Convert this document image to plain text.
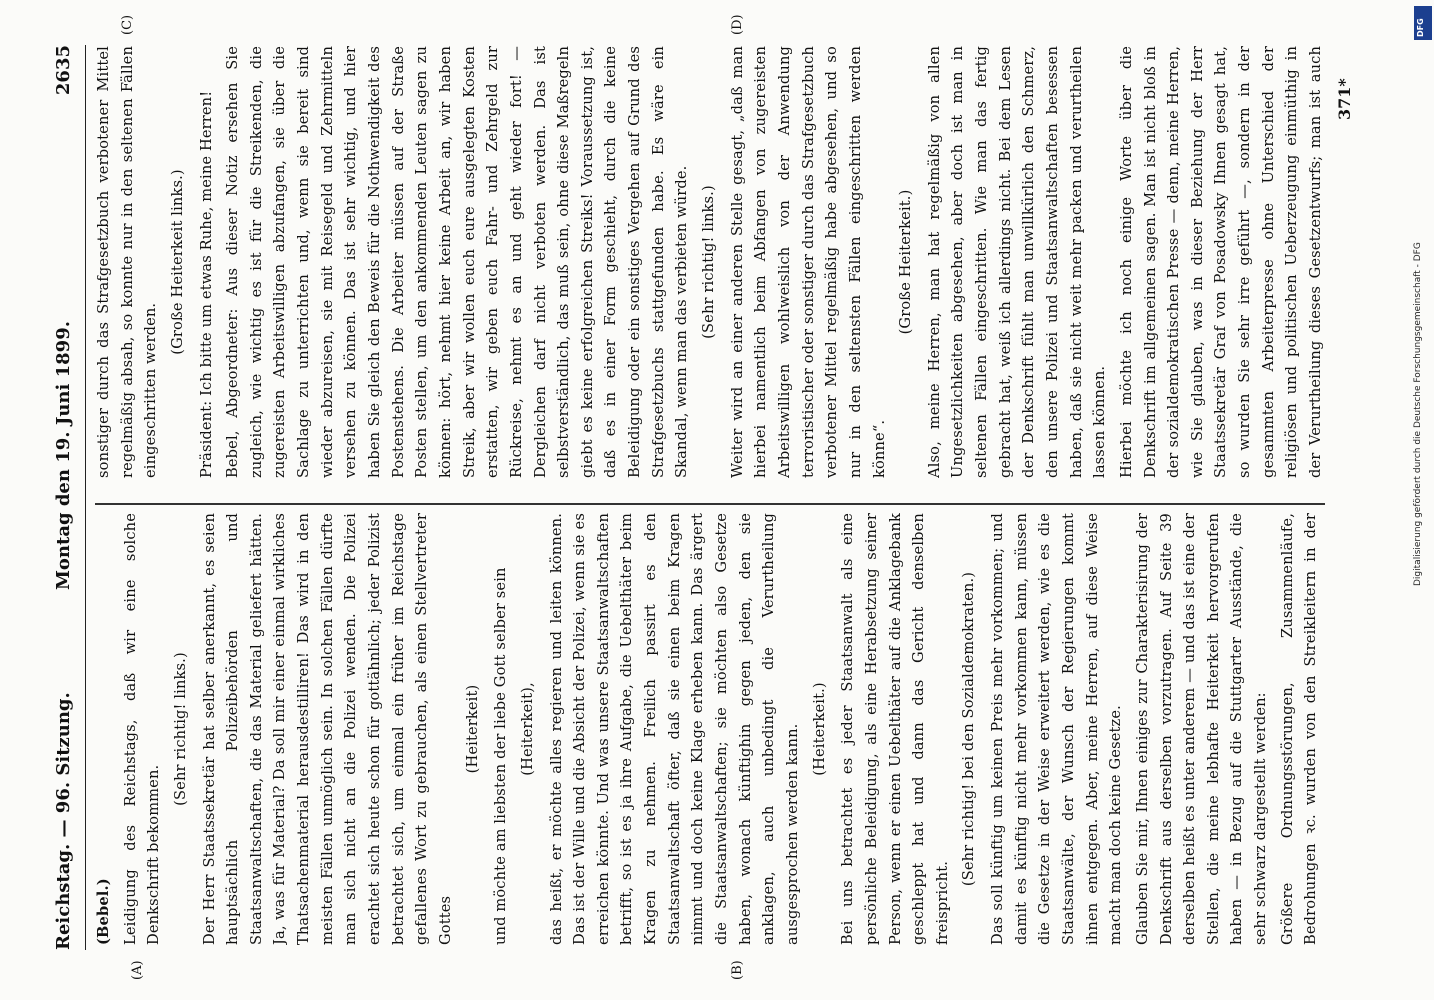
Reichstag. — 96. Sitzung.
Montag den 19. Juni 1899.
2635
(A)	(B)
(C)	(D)

(Bebel.) Leidigung des Reichstags, daß wir eine solche Denkschrift bekommen.

(Sehr richtig! links.) Der Herr Staatssekretär hat selber anerkannt, es seien hauptsächlich Polizeibehörden und Staatsanwaltschaften, die das Material geliefert hätten. Ja, was für Material? Da soll mir einer einmal wirkliches Thatsachenmaterial herausdestilliren! Das wird in den meisten Fällen unmöglich sein. In solchen Fällen dürfte man sich nicht an die Polizei wenden. Die Polizei erachtet sich heute schon für gottähnlich; jeder Polizist betrachtet sich, um einmal ein früher im Reichstage gefallenes Wort zu gebrauchen, als einen Stellvertreter Gottes

(Heiterkeit) und möchte am liebsten der liebe Gott selber sein (Heiterkeit), das heißt, er möchte alles regieren und leiten können. Das ist der Wille und die Absicht der Polizei, wenn sie es erreichen könnte. Und was unsere Staatsanwaltschaften betrifft, so ist es ja ihre Aufgabe, die Uebelthäter beim Kragen zu nehmen. Freilich passirt es den Staatsanwaltschaft öfter, daß sie einen beim Kragen nimmt und doch keine Klage erheben kann. Das ärgert die Staatsanwaltschaften; sie möchten also Gesetze haben, wonach künftighin gegen jeden, den sie anklagen, auch unbedingt die Verurtheilung ausgesprochen werden kann. (Heiterkeit.) Bei uns betrachtet es jeder Staatsanwalt als eine persönliche Beleidigung, als eine Herabsetzung seiner Person, wenn er einen Uebelthäter auf die Anklagebank geschleppt hat und dann das Gericht denselben freispricht.

(Sehr richtig! bei den Sozialdemokraten.) Das soll künftig um keinen Preis mehr vorkommen; und damit es künftig nicht mehr vorkommen kann, müssen die Gesetze in der Weise erweitert werden, wie es die Staatsanwälte, der Wunsch der Regierungen kommt ihnen entgegen. Aber, meine Herren, auf diese Weise macht man doch keine Gesetze. Glauben Sie mir, Ihnen einiges zur Charakterisirung der Denkschrift aus derselben vorzutragen. Auf Seite 39 derselben heißt es unter anderem — und das ist eine der Stellen, die meine lebhafte Heiterkeit hervorgerufen haben — in Bezug auf die Stuttgarter Ausstände, die sehr schwarz dargestellt werden: Größere Ordnungsstörungen, Zusammenläufe, Bedrohungen ꝛc. wurden von den Streikleitern in der

sonstiger durch das Strafgesetzbuch verbotener Mittel regelmäßig absah, so konnte nur in den seltenen Fällen eingeschritten werden.

(Große Heiterkeit links.) Präsident: Ich bitte um etwas Ruhe, meine Herren! Bebel, Abgeordneter: Aus dieser Notiz ersehen Sie zugleich, wie wichtig es ist für die Streikenden, die zugereisten Arbeitswilligen abzufangen, sie über die Sachlage zu unterrichten und, wenn sie bereit sind wieder abzureisen, sie mit Reisegeld und Zehrmitteln versehen zu können. Das ist sehr wichtig, und hier haben Sie gleich den Beweis für die Nothwendigkeit des Postenstehens. Die Arbeiter müssen auf der Straße Posten stellen, um den ankommenden Leuten sagen zu können: hört, nehmt hier keine Arbeit an, wir haben Streik, aber wir wollen euch eure ausgelegten Kosten erstatten, wir geben euch Fahr- und Zehrgeld zur Rückreise, nehmt es an und geht wieder fort! — Dergleichen darf nicht verboten werden. Das ist selbstverständlich, das muß sein, ohne diese Maßregeln giebt es keine erfolgreichen Streiks! Voraussetzung ist, daß es in einer Form geschieht, durch die keine Beleidigung oder ein sonstiges Vergehen auf Grund des Strafgesetzbuchs stattgefunden habe. Es wäre ein Skandal, wenn man das verbieten würde. (Sehr richtig! links.) Weiter wird an einer anderen Stelle gesagt, „daß man hierbei namentlich beim Abfangen von zugereisten Arbeitswilligen wohlweislich von der Anwendung terroristischer oder sonstiger durch das Strafgesetzbuch verbotener Mittel regelmäßig habe abgesehen, und so nur in den seltensten Fällen eingeschritten werden könne“.

(Große Heiterkeit.) Also, meine Herren, man hat regelmäßig von allen Ungesetzlichkeiten abgesehen, aber doch ist man in seltenen Fällen eingeschritten. Wie man das fertig gebracht hat, weiß ich allerdings nicht. Bei dem Lesen der Denkschrift fühlt man unwillkürlich den Schmerz, den unsere Polizei und Staatsanwaltschaften besessen haben, daß sie nicht weit mehr packen und verurtheilen lassen können. Hierbei möchte ich noch einige Worte über die Denkschrift im allgemeinen sagen. Man ist nicht bloß in der sozialdemokratischen Presse — denn, meine Herren, wie Sie glauben, was in dieser Beziehung der Herr Staatssekretär Graf von Posadowsky Ihnen gesagt hat, so wurden Sie sehr irre geführt —, sondern in der gesammten Arbeiterpresse ohne Unterschied der religiösen und politischen Ueberzeugung einmüthig in der Verurtheilung dieses Gesetzentwurfs; man ist auch

371*
DFG
Digitalisierung gefördert durch die Deutsche Forschungsgemeinschaft - DFG
